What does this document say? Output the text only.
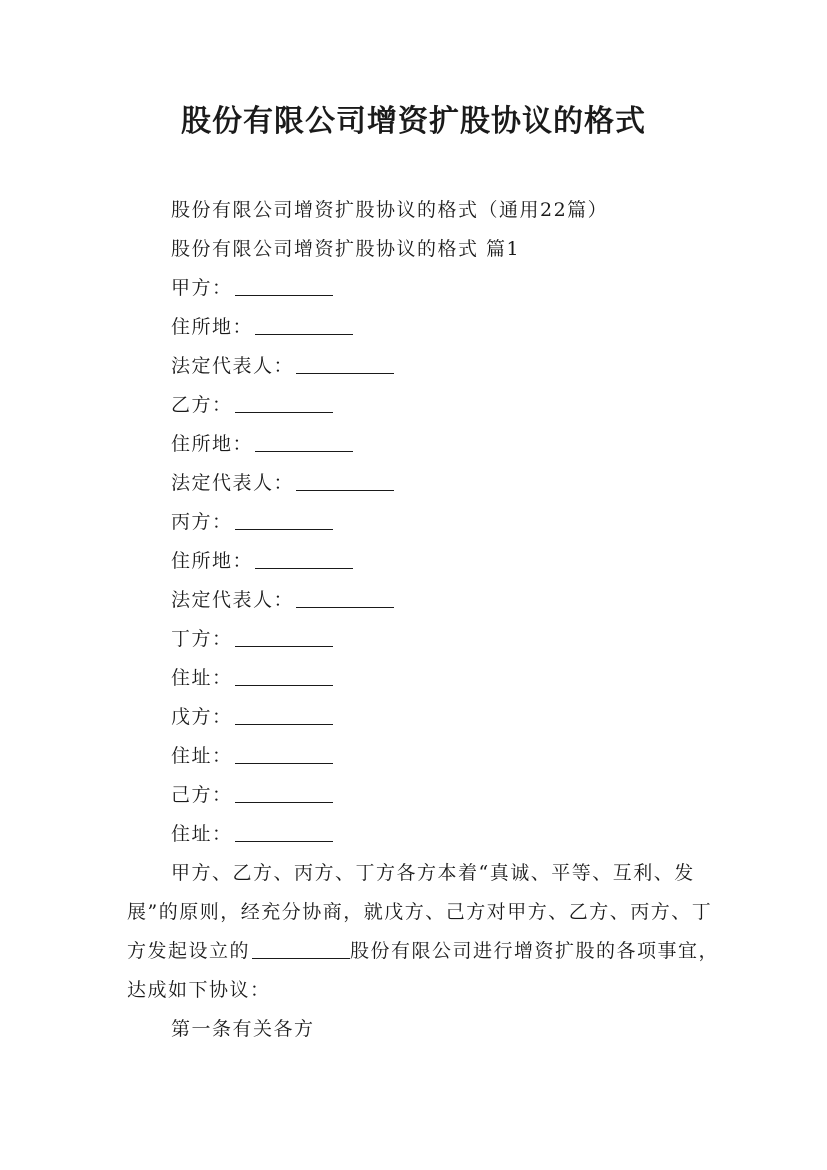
股份有限公司增资扩股协议的格式
股份有限公司增资扩股协议的格式（通用22篇）
股份有限公司增资扩股协议的格式 篇1
甲方：
住所地：
法定代表人：
乙方：
住所地：
法定代表人：
丙方：
住所地：
法定代表人：
丁方：
住址：
戊方：
住址：
己方：
住址：

甲方、乙方、丙方、丁方各方本着“真诚、平等、互利、发展”的原则，经充分协商，就戊方、己方对甲方、乙方、丙方、丁方发起设立的	股份有限公司进行增资扩股的各项事宜，达成如下协议：

第一条有关各方
